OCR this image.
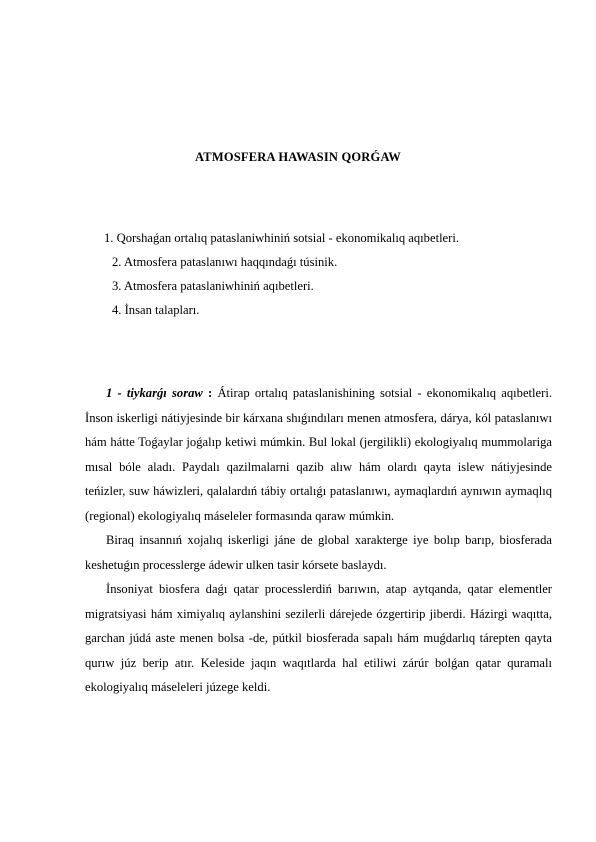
ATMOSFERA HAWASIN QORǴAW
1. Qorshaǵan ortalıq pataslaniwhiniń sotsial - ekonomikalıq aqıbetleri.
2. Atmosfera pataslanıwı haqqındaǵı túsinik.
3. Atmosfera pataslaniwhiniń aqıbetleri.
4. İnsan talapları.

1 - tiykarǵı soraw : Átirap ortalıq pataslanishining sotsial - ekonomikalıq aqıbetleri. İnson iskerligi nátiyjesinde bir kárxana shıǵındıları menen atmosfera, dárya, kól pataslanıwı hám hátte Toǵaylar joǵalıp ketiwi múmkin. Bul lokal (jergilikli) ekologiyalıq mummolariga mısal bóle aladı. Paydalı qazilmalarni qazib alıw hám olardı qayta islew nátiyjesinde teńizler, suw háwizleri, qalalardıń tábiy ortalıǵı pataslanıwı, aymaqlardıń aynıwın aymaqlıq (regional) ekologiyalıq máseleler formasında qaraw múmkin.

Biraq insannıń xojalıq iskerligi jáne de global xarakterge iye bolıp barıp, biosferada keshetuǵın processlerge ádewir ulken tasir kórsete baslaydı.

İnsoniyat biosfera daǵı qatar processlerdiń barıwın, atap aytqanda, qatar elementler migratsiyasi hám ximiyalıq aylanshini sezilerli dárejede ózgertirip jiberdi. Házirgi waqıtta, garchan júdá aste menen bolsa -de, pútkil biosferada sapalı hám muǵdarlıq tárepten qayta qurıw júz berip atır. Keleside jaqın waqıtlarda hal etiliwi zárúr bolǵan qatar quramalı ekologiyalıq máseleleri júzege keldi.
